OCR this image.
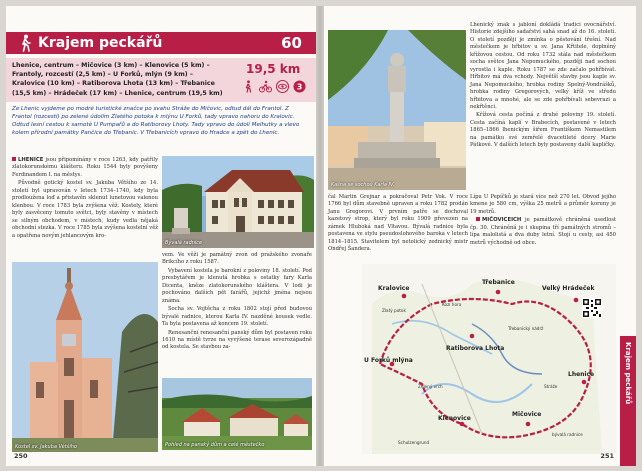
Krajem peckářů	60
Lhenice, centrum – Mičovice (3 km) – Klenovice (5 km) –
Frantoly, rozcestí (2,5 km) – U Forků, mlýn (9 km) –
Kralovice (10 km) – Ratiborova Lhota (13 km) – Třebanice
(15,5 km) – Hrádeček (17 km) – Lhenice, centrum (19,5 km)
19,5 km
3
Ze Lhenic vyjdeme po modré turistické značce po svahu Stráže do Mičovic, odtud dál do Frantol. Z Frantol (rozcestí) po zelené údolím Zlatého potoka k mlýnu U Forků, tady vpravo nahoru do Kralovic. Odtud lesní cestou k samotě U Pumpařů a do Ratiborovy Lhoty. Tady vpravo do údolí Melhutky a vlevo kolem přírodní památky Pančice do Třebanic. V Třebanicích vpravo do Hradce a zpět do Lhenic.

LHENICE jsou připomínány v roce 1263, kdy patřily zlatokorunskému klášteru. Roku 1544 byly povýšeny Ferdinandem I. na městys.

Původně gotický kostel sv. Jakuba Většího ze 14. století byl upravován v letech 1734–1740, kdy byla prodloužena loď a přistavěn sklenut lunetovou valenou klenbou. V roce 1783 byla zvýšena věž. Kostely, které byly zasvěceny tomuto světci, byly stavěny v místech se silným obchodem, v místech, kudy vedla nějaká obchodní stezka. V roce 1785 byla zvýšena kostelní věž a opatřena novým jehlancovým kro-

Bývalá radnice

vem. Ve věži je památný zvon od pražského zvonaře Brikcího z roku 1587.

Vybavení kostela je barokní z poloviny 18. století. Pod presbytářem je klenutá hrobka s ostatky fary Karla Dicenta, kněze zlatokorunského kláštera. V lodi je pochováno dalších pět farářů, jejichž jména nejsou známa.

Socha sv. Vojtěcha z roku 1802 stojí před budovou bývalé radnice, kterou Karla IV. nazděné kousek vedle. Ta byla postavena až koncem 19. století.

Renesanční renesanční panský dům byl postaven roku 1610 na místě tvrze na vyvýšené terase severozápadně od kostela. Se stavbou za-

Kostel sv. Jakuba Většího	Pohled na panský dům a celé městečko
250
Kašna se sochou Karla IV.

Lhenický znak s jabloní dokládá tradici ovocnářství. Historie zdejšího sadařství sahá snad až do 16. století. O století později je zmínka o pěstování třešní. Nad městečkem je hřbitov u sv. Jana Křtitele, doplněný křížovou cestou. Od roku 1732 stála nad městečkem socha světce Jana Nepomuckého, později nad sochou vyrostla i kaple. Roku 1787 se zde začalo pohřbívat. Hřbitov má dva vchody. Největší stavby jsou kaple sv. Jana Nepomuckého, hrobka rodiny Spelný-Vondrášků, hrobka rodiny Gregorových, velký kříž ve středu hřbitova a mnohé, ale se zde pohřbívali sebevrazi a nekřtěnci.

Křížová cesta počíná z druhé poloviny 19. století. Cesta začíná kaplí v Brabecích, postavené v letech 1865–1866 lhenickým šiřem Františkem Nemastilem na památku své zemřelé dvacetileté dcery Marie Pátkové. V dalších letech byly postaveny další kapličky.

čal Martin Grejnar a pokračoval Petr Vok. V roce 1766 byl dům stavebně upraven a roku 1782 prodán Janu Gregorovi. V prvním patře se dochoval kazetový strop, který byl roku 1909 převezen na zámek Hluboká nad Vltavou. Bývalá radnice byla postavena ve stylu pseudoslohového baroka v letech 1814–1815. Stavitelem byl netolický zednický mistr Ondřej Šandera.

Lípu U Pepíčků je stará více než 270 let. Obvod jejího kmene je 580 cm, výška 25 metrů a průměr koruny je 19 metrů.

MIČOVICEICH je památkově chráněná usedlost čp. 30. Chráněná je i skupina tří památných stromů – lípa malolistá a dva duby letní. Stojí u cesty, asi 450 metrů východně od obce.

Kralovice
Třebanice
Velký Hrádeček
Zlatý potok
Kozí hora
Ratiborova Lhota
Třebanický nádrž
U Forků mlýna
Lhenice
Zelený vrch	Stráže
Klenovice
Mičovice
Schulzengrund
bývalá radnice
Krajem peckářů
251
